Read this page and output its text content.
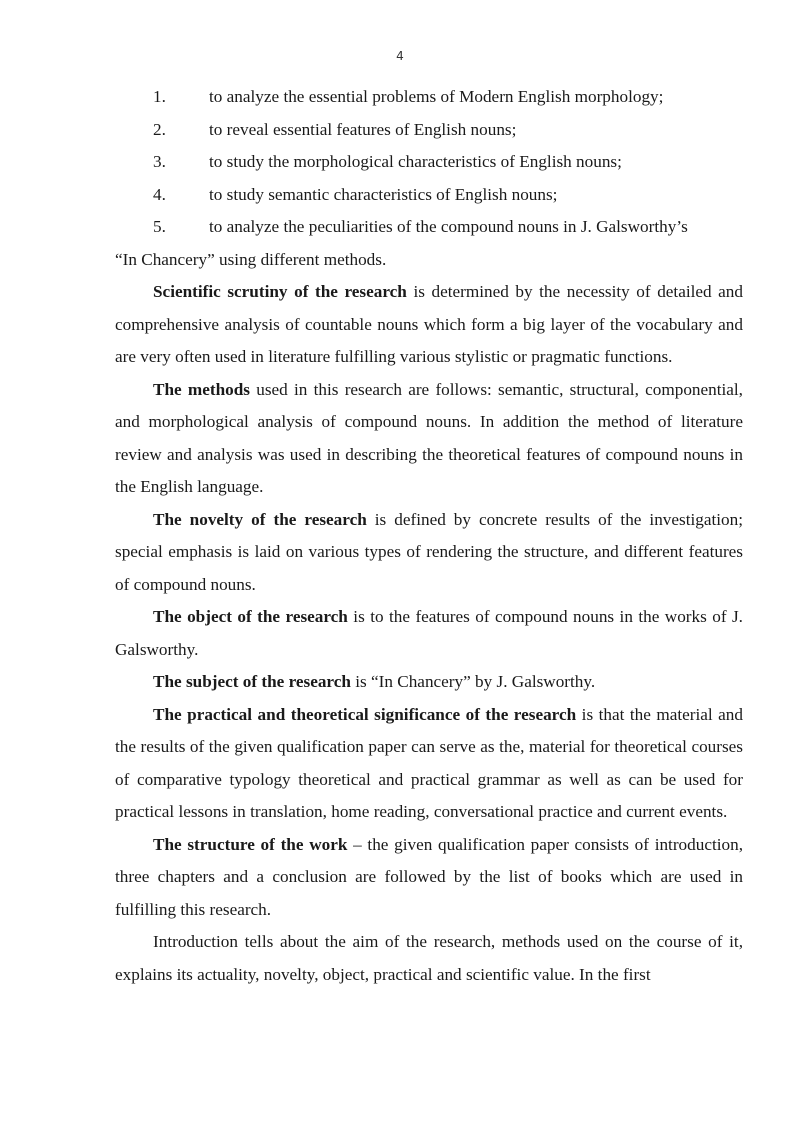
4
1.	to analyze the essential problems of Modern English morphology;
2.	to reveal essential features of English nouns;
3.	to study the morphological characteristics of English nouns;
4.	to study semantic characteristics of English nouns;
5.	to analyze the peculiarities of the compound nouns in J. Galsworthy’s

“In Chancery” using different methods.

Scientific scrutiny of the research is determined by the necessity of detailed and comprehensive analysis of countable nouns which form a big layer of the vocabulary and are very often used in literature fulfilling various stylistic or pragmatic functions.

The methods used in this research are follows: semantic, structural, componential, and morphological analysis of compound nouns. In addition the method of literature review and analysis was used in describing the theoretical features of compound nouns in the English language.

The novelty of the research is defined by concrete results of the investigation; special emphasis is laid on various types of rendering the structure, and different features of compound nouns.

The object of the research is to the features of compound nouns in the works of J. Galsworthy.

The subject of the research is “In Chancery” by J. Galsworthy.

The practical and theoretical significance of the research is that the material and the results of the given qualification paper can serve as the, material for theoretical courses of comparative typology theoretical and practical grammar as well as can be used for practical lessons in translation, home reading, conversational practice and current events.

The structure of the work – the given qualification paper consists of introduction, three chapters and a conclusion are followed by the list of books which are used in fulfilling this research.

Introduction tells about the aim of the research, methods used on the course of it, explains its actuality, novelty, object, practical and scientific value. In the first
